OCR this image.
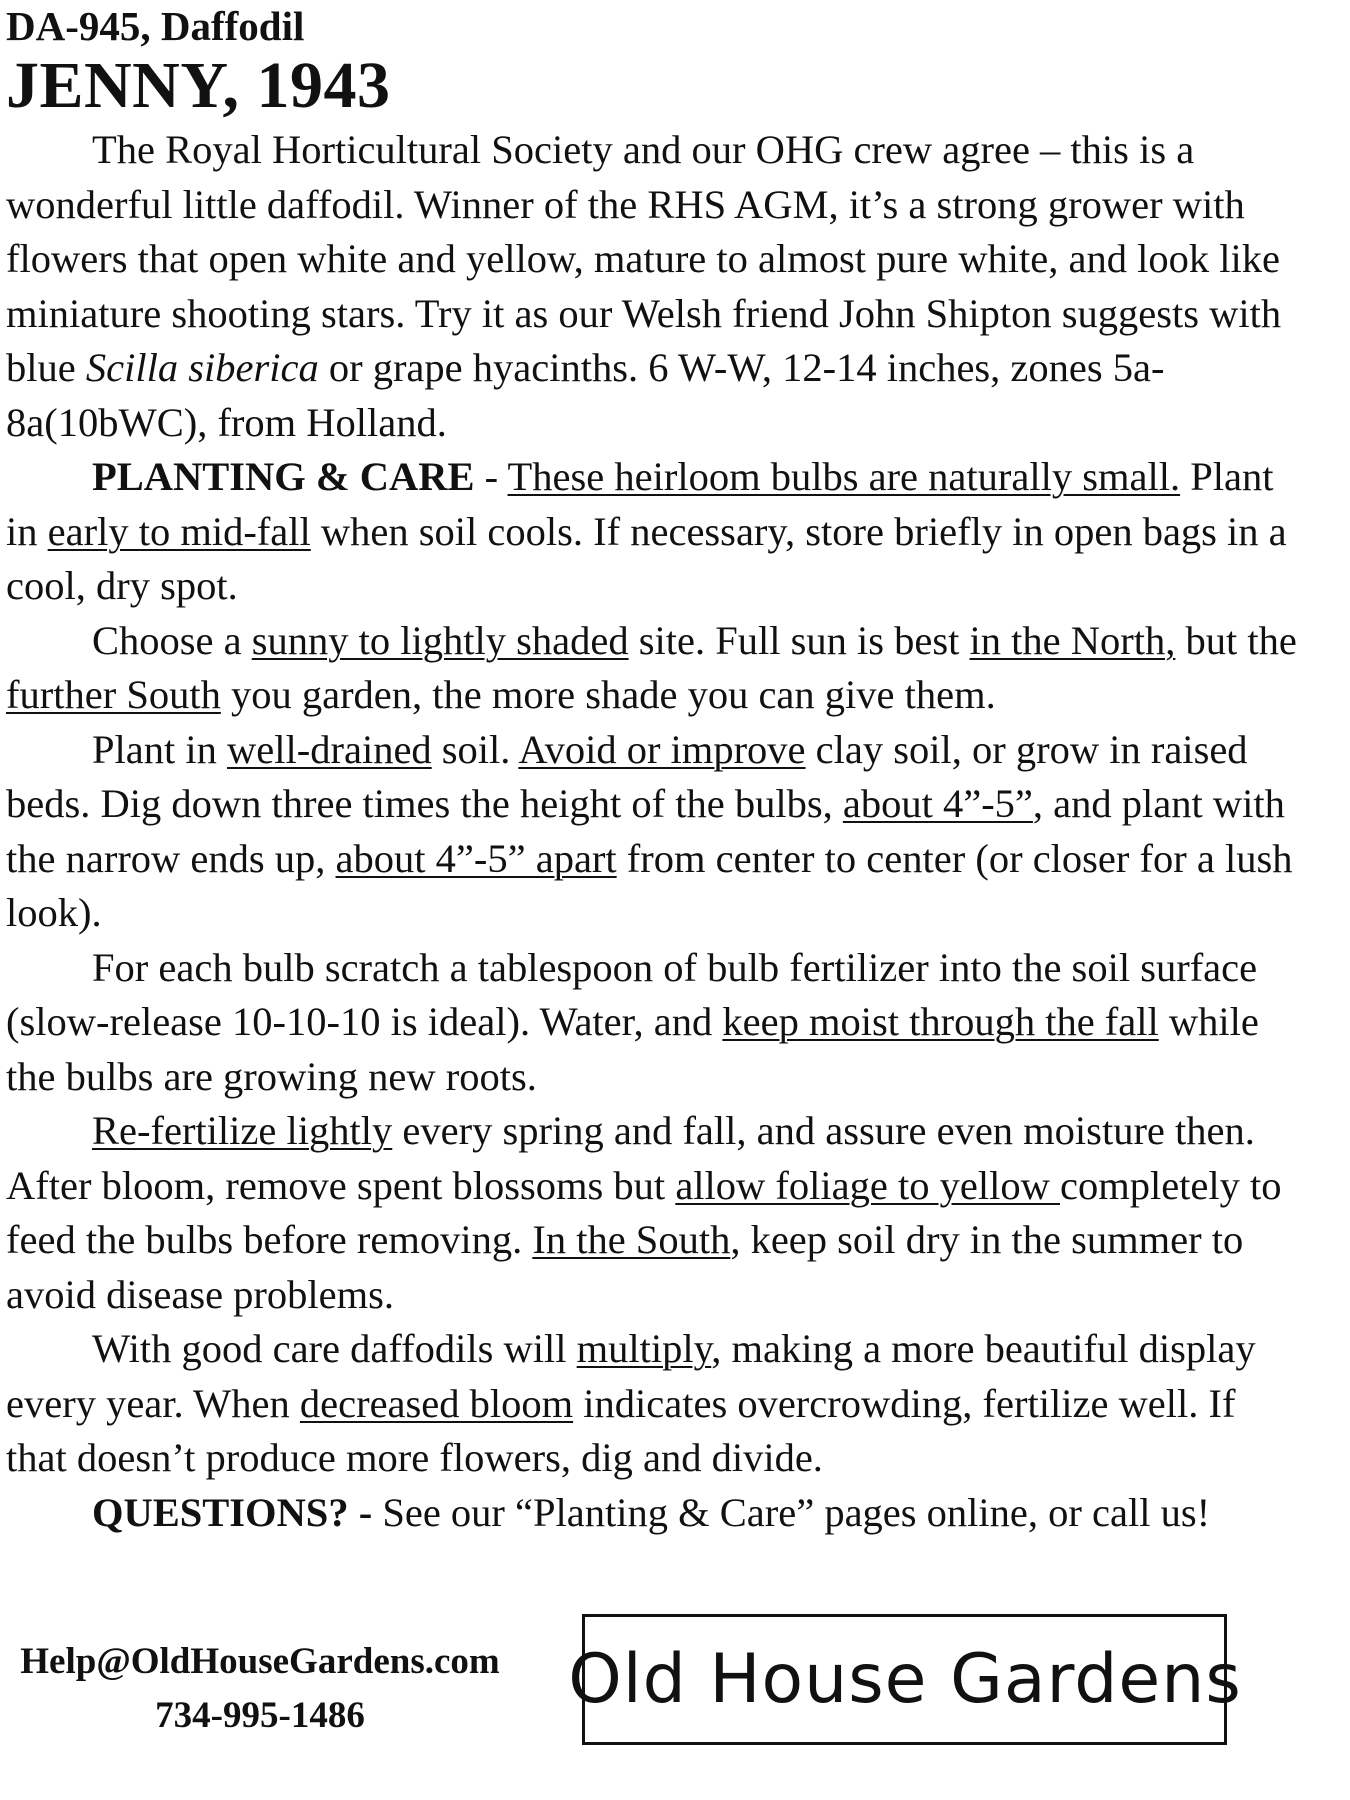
DA-945, Daffodil
JENNY, 1943

The Royal Horticultural Society and our OHG crew agree – this is a wonderful little daffodil. Winner of the RHS AGM, it’s a strong grower with flowers that open white and yellow, mature to almost pure white, and look like miniature shooting stars. Try it as our Welsh friend John Shipton suggests with blue Scilla siberica or grape hyacinths. 6 W-W, 12-14 inches, zones 5a-8a(10bWC), from Holland.

PLANTING & CARE - These heirloom bulbs are naturally small. Plant in early to mid-fall when soil cools. If necessary, store briefly in open bags in a cool, dry spot.

Choose a sunny to lightly shaded site. Full sun is best in the North, but the further South you garden, the more shade you can give them.

Plant in well-drained soil. Avoid or improve clay soil, or grow in raised beds. Dig down three times the height of the bulbs, about 4”-5”, and plant with the narrow ends up, about 4”-5” apart from center to center (or closer for a lush look).

For each bulb scratch a tablespoon of bulb fertilizer into the soil surface (slow-release 10-10-10 is ideal). Water, and keep moist through the fall while the bulbs are growing new roots.

Re-fertilize lightly every spring and fall, and assure even moisture then. After bloom, remove spent blossoms but allow foliage to yellow completely to feed the bulbs before removing. In the South, keep soil dry in the summer to avoid disease problems.

With good care daffodils will multiply, making a more beautiful display every year. When decreased bloom indicates overcrowding, fertilize well. If that doesn’t produce more flowers, dig and divide.

QUESTIONS? - See our “Planting & Care” pages online, or call us!

Help@OldHouseGardens.com
734-995-1486	Old House Gardens
